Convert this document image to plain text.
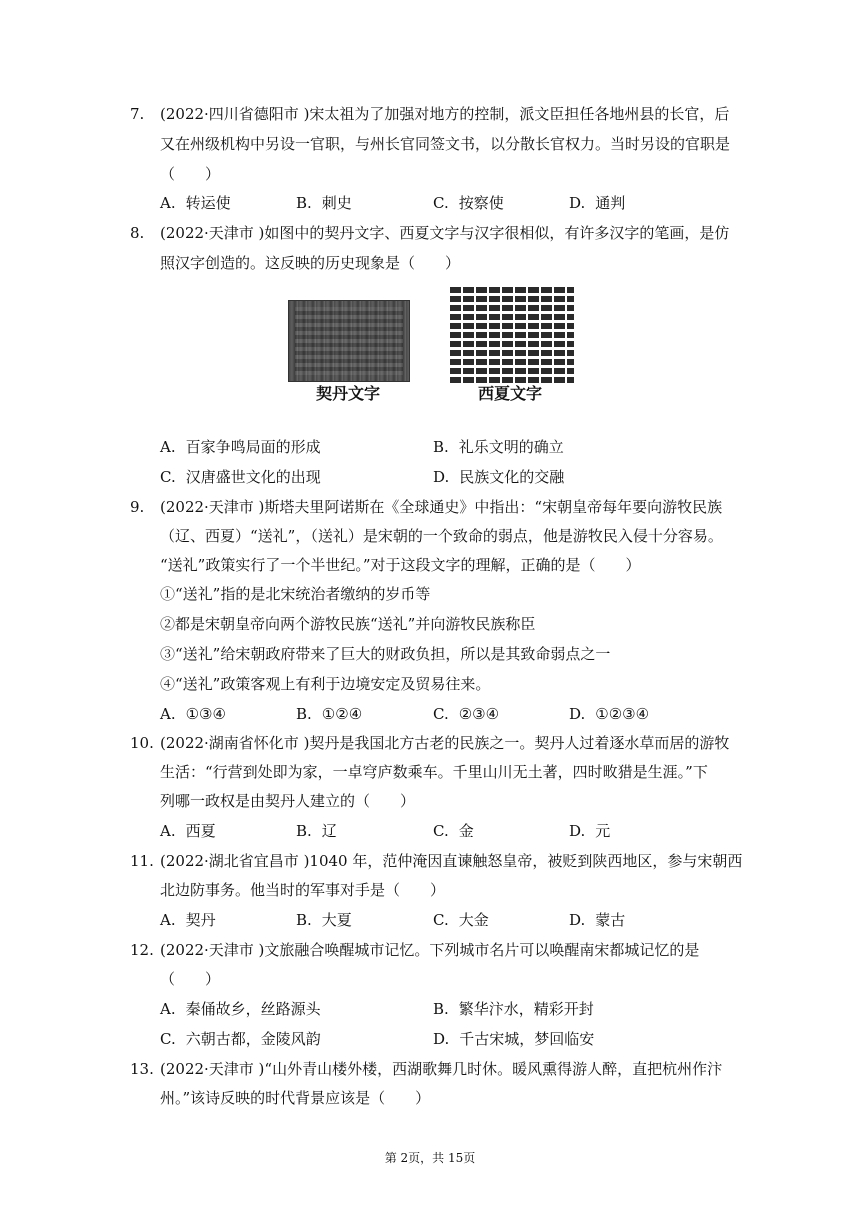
7. (2022·四川省德阳市 )宋太祖为了加强对地方的控制，派文臣担任各地州县的长官，后
又在州级机构中另设一官职，与州长官同签文书，以分散长官权力。当时另设的官职是
（　　）
A. 转运使	B. 刺史	C. 按察使	D. 通判
8. (2022·天津市 )如图中的契丹文字、西夏文字与汉字很相似，有许多汉字的笔画，是仿
照汉字创造的。这反映的历史现象是（　　）
契丹文字	西夏文字
A. 百家争鸣局面的形成	B. 礼乐文明的确立
C. 汉唐盛世文化的出现	D. 民族文化的交融
9. (2022·天津市 )斯塔夫里阿诺斯在《全球通史》中指出：“宋朝皇帝每年要向游牧民族
（辽、西夏）“送礼”，（送礼）是宋朝的一个致命的弱点，他是游牧民入侵十分容易。
“送礼”政策实行了一个半世纪。”对于这段文字的理解，正确的是（　　）
①“送礼”指的是北宋统治者缴纳的岁币等
②都是宋朝皇帝向两个游牧民族“送礼”并向游牧民族称臣
③“送礼”给宋朝政府带来了巨大的财政负担，所以是其致命弱点之一
④“送礼”政策客观上有利于边境安定及贸易往来。
A. ①③④	B. ①②④	C. ②③④	D. ①②③④
10. (2022·湖南省怀化市 )契丹是我国北方古老的民族之一。契丹人过着逐水草而居的游牧
生活：“行营到处即为家，一卓穹庐数乘车。千里山川无土著，四时畋猎是生涯。”下
列哪一政权是由契丹人建立的（　　）
A. 西夏	B. 辽	C. 金	D. 元
11. (2022·湖北省宜昌市 )1040 年，范仲淹因直谏触怒皇帝，被贬到陕西地区，参与宋朝西
北边防事务。他当时的军事对手是（　　）
A. 契丹	B. 大夏	C. 大金	D. 蒙古
12. (2022·天津市 )文旅融合唤醒城市记忆。下列城市名片可以唤醒南宋都城记忆的是
（　　）
A. 秦俑故乡，丝路源头	B. 繁华汴水，精彩开封
C. 六朝古都，金陵风韵	D. 千古宋城，梦回临安
13. (2022·天津市 )“山外青山楼外楼，西湖歌舞几时休。暖风熏得游人醉，直把杭州作汴
州。”该诗反映的时代背景应该是（　　）
第 2页，共 15页
